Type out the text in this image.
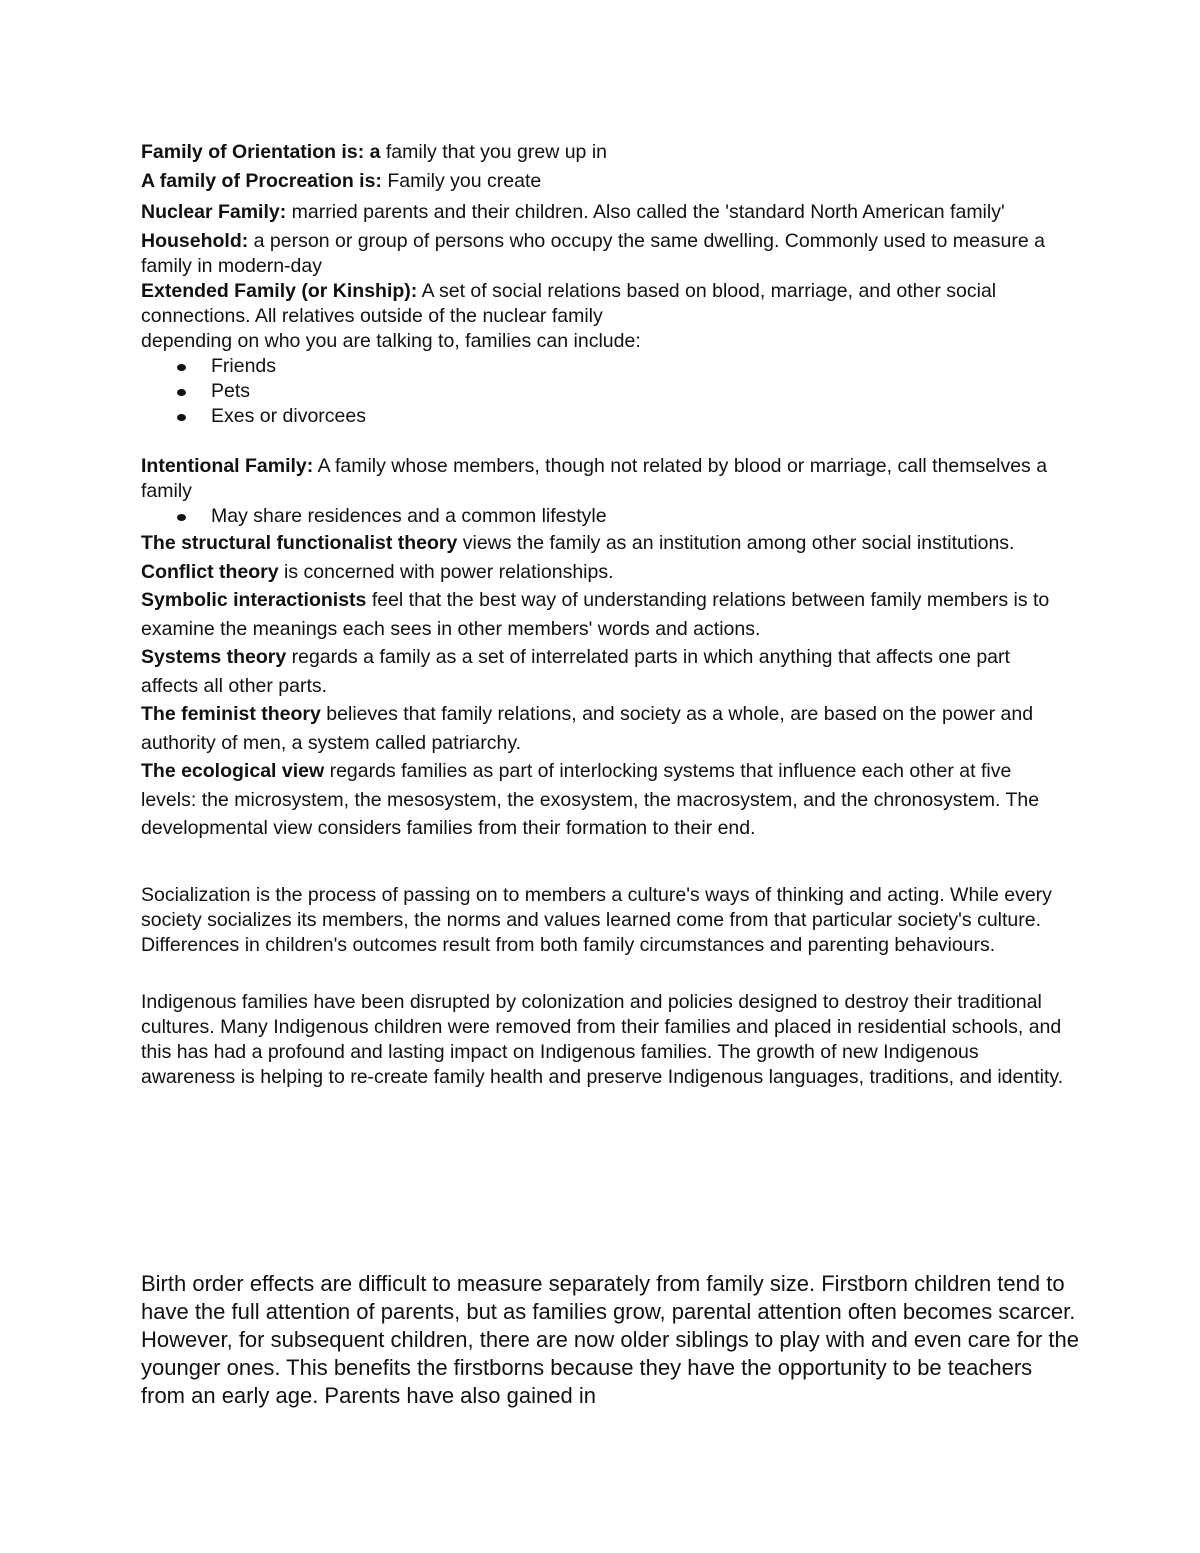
Family of Orientation is: a family that you grew up in

A family of Procreation is: Family you create

Nuclear Family: married parents and their children. Also called the 'standard North American family'

Household: a person or group of persons who occupy the same dwelling. Commonly used to measure a family in modern-day

Extended Family (or Kinship): A set of social relations based on blood, marriage, and other social connections. All relatives outside of the nuclear family

depending on who you are talking to, families can include:

Friends
Pets
Exes or divorcees

Intentional Family: A family whose members, though not related by blood or marriage, call themselves a family

May share residences and a common lifestyle

The structural functionalist theory views the family as an institution among other social institutions.

Conflict theory is concerned with power relationships.

Symbolic interactionists feel that the best way of understanding relations between family members is to examine the meanings each sees in other members' words and actions.

Systems theory regards a family as a set of interrelated parts in which anything that affects one part affects all other parts.

The feminist theory believes that family relations, and society as a whole, are based on the power and authority of men, a system called patriarchy.

The ecological view regards families as part of interlocking systems that influence each other at five levels: the microsystem, the mesosystem, the exosystem, the macrosystem, and the chronosystem. The developmental view considers families from their formation to their end.

Socialization is the process of passing on to members a culture's ways of thinking and acting. While every society socializes its members, the norms and values learned come from that particular society's culture. Differences in children's outcomes result from both family circumstances and parenting behaviours.

Indigenous families have been disrupted by colonization and policies designed to destroy their traditional cultures. Many Indigenous children were removed from their families and placed in residential schools, and this has had a profound and lasting impact on Indigenous families. The growth of new Indigenous awareness is helping to re-create family health and preserve Indigenous languages, traditions, and identity.

Birth order effects are difficult to measure separately from family size. Firstborn children tend to have the full attention of parents, but as families grow, parental attention often becomes scarcer. However, for subsequent children, there are now older siblings to play with and even care for the younger ones. This benefits the firstborns because they have the opportunity to be teachers from an early age. Parents have also gained in
